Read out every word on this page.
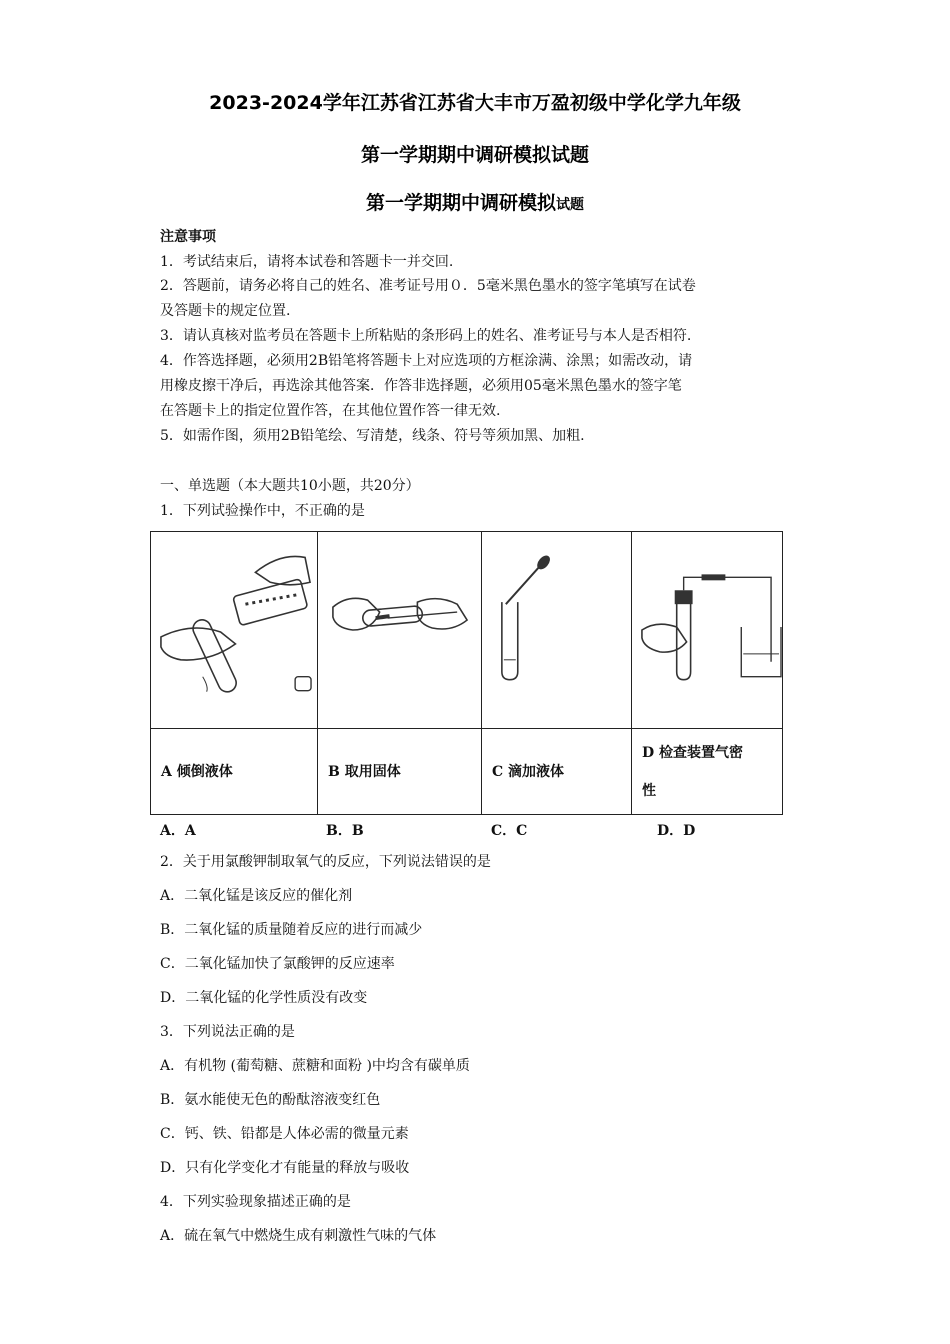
2023-2024学年江苏省江苏省大丰市万盈初级中学化学九年级
第一学期期中调研模拟试题
第一学期期中调研模拟试题
注意事项
1．考试结束后，请将本试卷和答题卡一并交回.
2．答题前，请务必将自己的姓名、准考证号用０．5毫米黑色墨水的签字笔填写在试卷
及答题卡的规定位置.
3．请认真核对监考员在答题卡上所粘贴的条形码上的姓名、准考证号与本人是否相符.
4．作答选择题，必须用2B铅笔将答题卡上对应选项的方框涂满、涂黑；如需改动，请
用橡皮擦干净后，再选涂其他答案．作答非选择题，必须用05毫米黑色墨水的签字笔
在答题卡上的指定位置作答，在其他位置作答一律无效.
5．如需作图，须用2B铅笔绘、写清楚，线条、符号等须加黑、加粗.
一、单选题（本大题共10小题，共20分）
1．下列试验操作中，不正确的是

A 倾倒液体	B 取用固体	C 滴加液体	D 检查装置气密
性
A．A	B．B	C．C	D．D
2．关于用氯酸钾制取氧气的反应，下列说法错误的是
A．二氧化锰是该反应的催化剂
B．二氧化锰的质量随着反应的进行而减少
C．二氧化锰加快了氯酸钾的反应速率
D．二氧化锰的化学性质没有改变
3．下列说法正确的是
A．有机物 (葡萄糖、蔗糖和面粉 )中均含有碳单质
B．氨水能使无色的酚酞溶液变红色
C．钙、铁、铅都是人体必需的微量元素
D．只有化学变化才有能量的释放与吸收
4．下列实验现象描述正确的是
A．硫在氧气中燃烧生成有刺激性气味的气体
